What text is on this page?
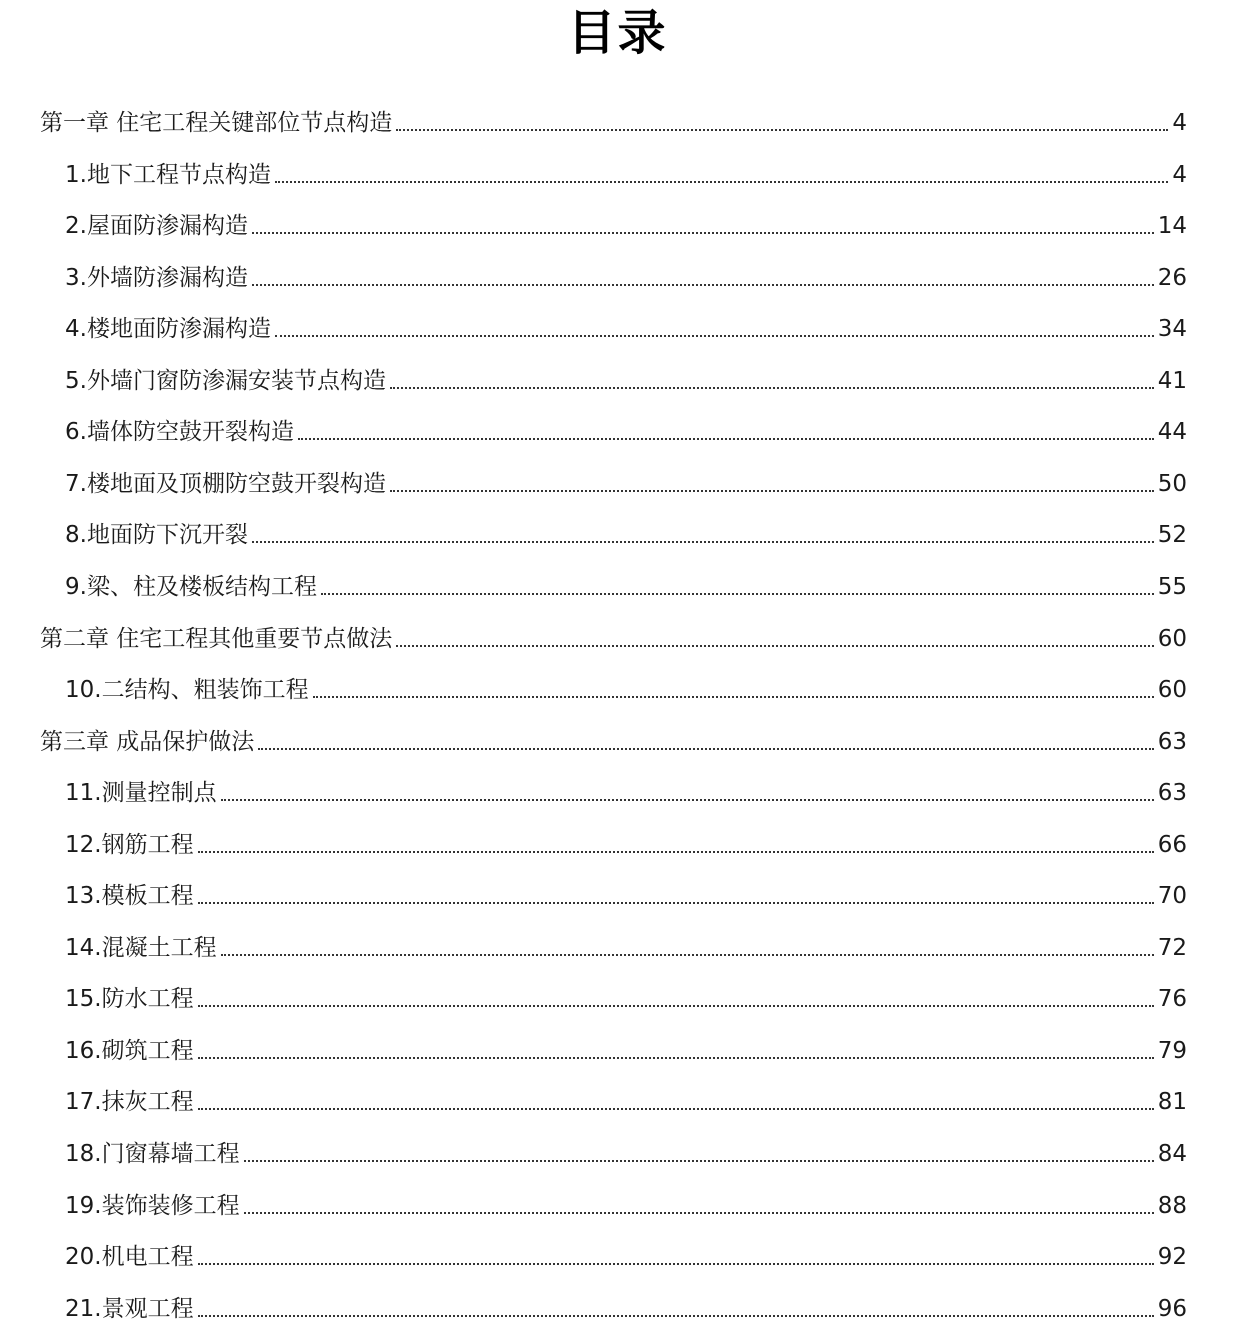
目录
第一章 住宅工程关键部位节点构造	4
1.地下工程节点构造	4
2.屋面防渗漏构造	14
3.外墙防渗漏构造	26
4.楼地面防渗漏构造	34
5.外墙门窗防渗漏安装节点构造	41
6.墙体防空鼓开裂构造	44
7.楼地面及顶棚防空鼓开裂构造	50
8.地面防下沉开裂	52
9.梁、柱及楼板结构工程	55
第二章 住宅工程其他重要节点做法	60
10.二结构、粗装饰工程	60
第三章 成品保护做法	63
11.测量控制点	63
12.钢筋工程	66
13.模板工程	70
14.混凝土工程	72
15.防水工程	76
16.砌筑工程	79
17.抹灰工程	81
18.门窗幕墙工程	84
19.装饰装修工程	88
20.机电工程	92
21.景观工程	96
